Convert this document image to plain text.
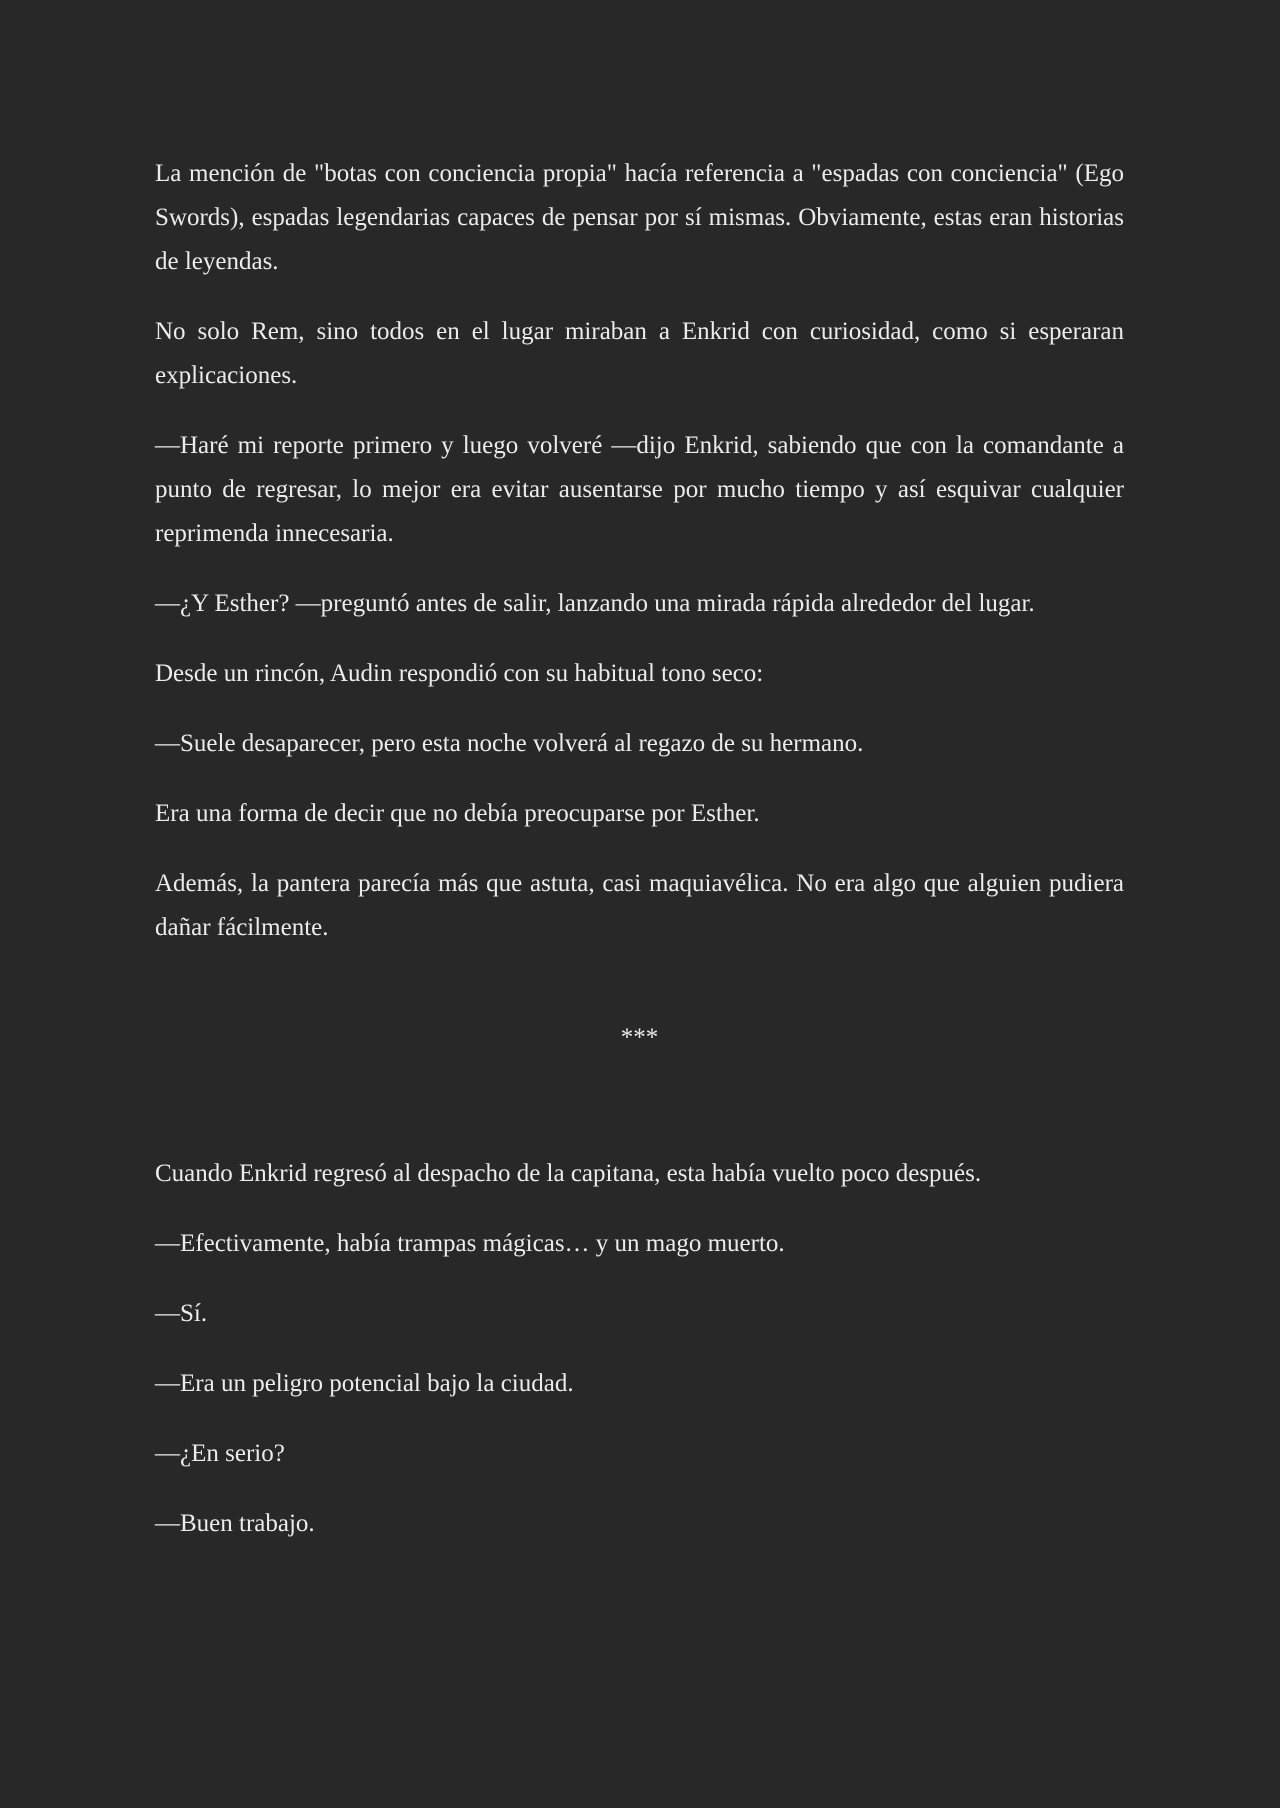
La mención de "botas con conciencia propia" hacía referencia a "espadas con conciencia" (Ego Swords), espadas legendarias capaces de pensar por sí mismas. Obviamente, estas eran historias de leyendas.

No solo Rem, sino todos en el lugar miraban a Enkrid con curiosidad, como si esperaran explicaciones.

—Haré mi reporte primero y luego volveré —dijo Enkrid, sabiendo que con la comandante a punto de regresar, lo mejor era evitar ausentarse por mucho tiempo y así esquivar cualquier reprimenda innecesaria.

—¿Y Esther? —preguntó antes de salir, lanzando una mirada rápida alrededor del lugar.

Desde un rincón, Audin respondió con su habitual tono seco:

—Suele desaparecer, pero esta noche volverá al regazo de su hermano.

Era una forma de decir que no debía preocuparse por Esther.

Además, la pantera parecía más que astuta, casi maquiavélica. No era algo que alguien pudiera dañar fácilmente.

***

Cuando Enkrid regresó al despacho de la capitana, esta había vuelto poco después.

—Efectivamente, había trampas mágicas… y un mago muerto.

—Sí.

—Era un peligro potencial bajo la ciudad.

—¿En serio?

—Buen trabajo.
